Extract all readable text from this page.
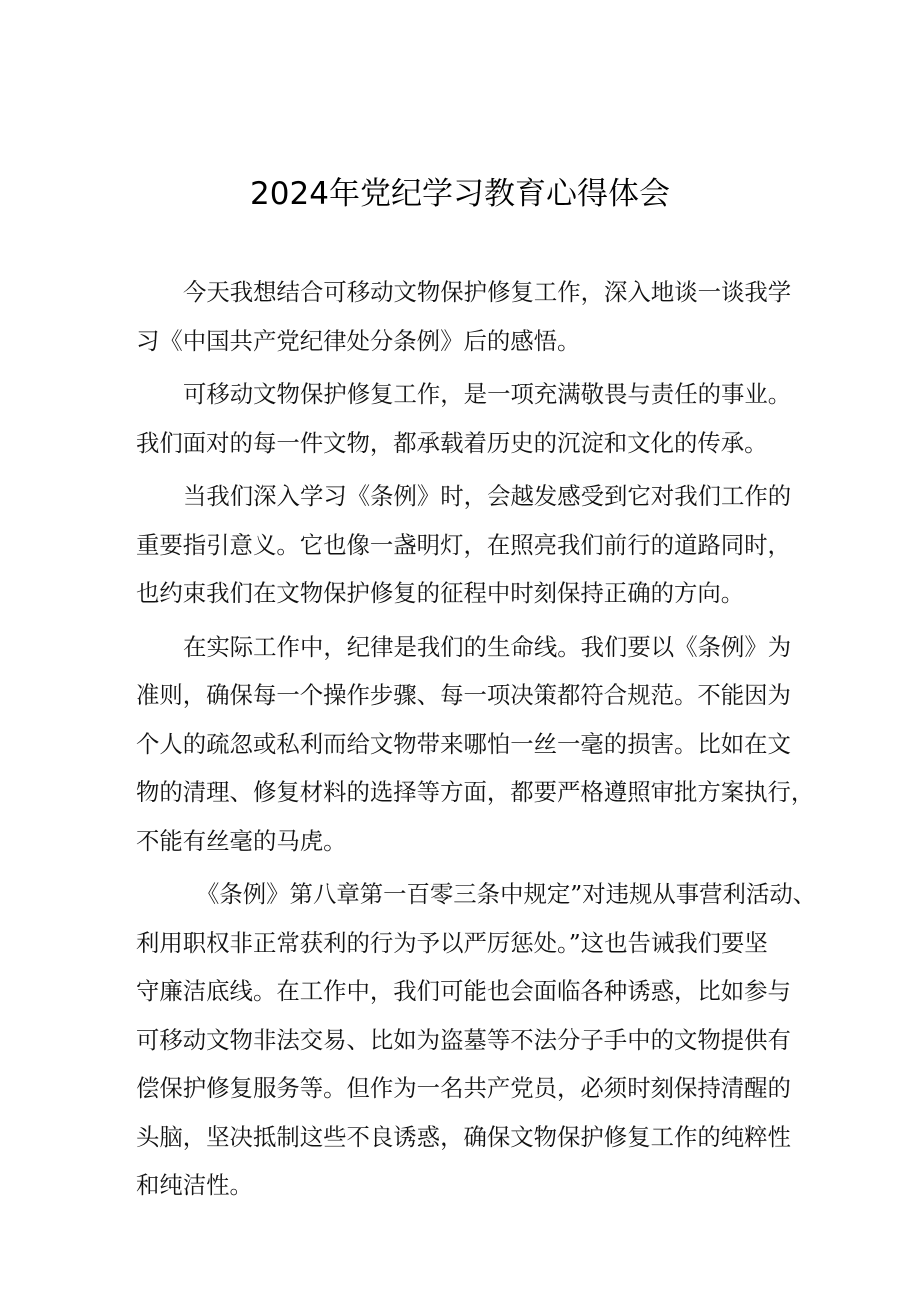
2024年党纪学习教育心得体会
今天我想结合可移动文物保护修复工作，深入地谈一谈我学
习《中国共产党纪律处分条例》后的感悟。
可移动文物保护修复工作，是一项充满敬畏与责任的事业。
我们面对的每一件文物，都承载着历史的沉淀和文化的传承。
当我们深入学习《条例》时，会越发感受到它对我们工作的
重要指引意义。它也像一盏明灯，在照亮我们前行的道路同时，
也约束我们在文物保护修复的征程中时刻保持正确的方向。
在实际工作中，纪律是我们的生命线。我们要以《条例》为
准则，确保每一个操作步骤、每一项决策都符合规范。不能因为
个人的疏忽或私利而给文物带来哪怕一丝一毫的损害。比如在文
物的清理、修复材料的选择等方面，都要严格遵照审批方案执行，
不能有丝毫的马虎。
《条例》第八章第一百零三条中规定”对违规从事营利活动、
利用职权非正常获利的行为予以严厉惩处。”这也告诫我们要坚
守廉洁底线。在工作中，我们可能也会面临各种诱惑，比如参与
可移动文物非法交易、比如为盗墓等不法分子手中的文物提供有
偿保护修复服务等。但作为一名共产党员，必须时刻保持清醒的
头脑，坚决抵制这些不良诱惑，确保文物保护修复工作的纯粹性
和纯洁性。
